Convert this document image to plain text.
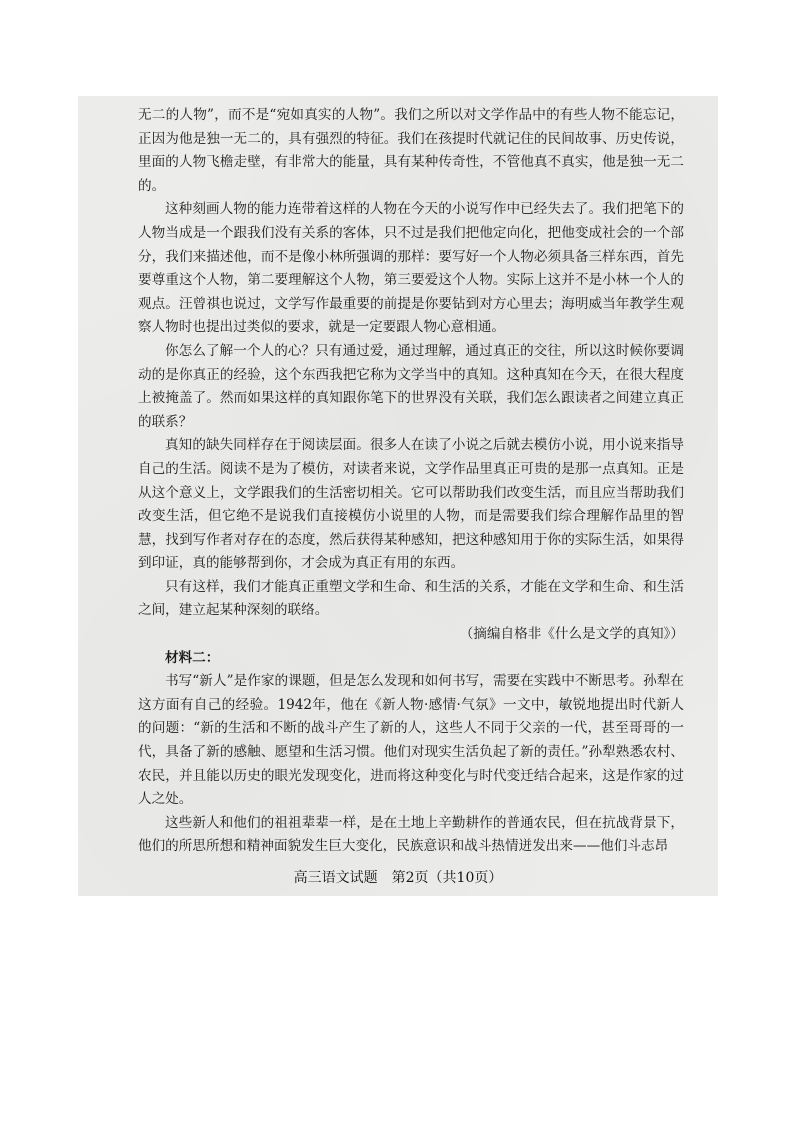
无二的人物”，而不是“宛如真实的人物”。我们之所以对文学作品中的有些人物不能忘记，正因为他是独一无二的，具有强烈的特征。我们在孩提时代就记住的民间故事、历史传说，里面的人物飞檐走壁，有非常大的能量，具有某种传奇性，不管他真不真实，他是独一无二的。

这种刻画人物的能力连带着这样的人物在今天的小说写作中已经失去了。我们把笔下的人物当成是一个跟我们没有关系的客体，只不过是我们把他定向化，把他变成社会的一个部分，我们来描述他，而不是像小林所强调的那样：要写好一个人物必须具备三样东西，首先要尊重这个人物，第二要理解这个人物，第三要爱这个人物。实际上这并不是小林一个人的观点。汪曾祺也说过，文学写作最重要的前提是你要钻到对方心里去；海明威当年教学生观察人物时也提出过类似的要求，就是一定要跟人物心意相通。

你怎么了解一个人的心？只有通过爱，通过理解，通过真正的交往，所以这时候你要调动的是你真正的经验，这个东西我把它称为文学当中的真知。这种真知在今天，在很大程度上被掩盖了。然而如果这样的真知跟你笔下的世界没有关联，我们怎么跟读者之间建立真正的联系？

真知的缺失同样存在于阅读层面。很多人在读了小说之后就去模仿小说，用小说来指导自己的生活。阅读不是为了模仿，对读者来说，文学作品里真正可贵的是那一点真知。正是从这个意义上，文学跟我们的生活密切相关。它可以帮助我们改变生活，而且应当帮助我们改变生活，但它绝不是说我们直接模仿小说里的人物，而是需要我们综合理解作品里的智慧，找到写作者对存在的态度，然后获得某种感知，把这种感知用于你的实际生活，如果得到印证，真的能够帮到你，才会成为真正有用的东西。

只有这样，我们才能真正重塑文学和生命、和生活的关系，才能在文学和生命、和生活之间，建立起某种深刻的联络。

（摘编自格非《什么是文学的真知》）

材料二：

书写“新人”是作家的课题，但是怎么发现和如何书写，需要在实践中不断思考。孙犁在这方面有自己的经验。1942年，他在《新人物·感情·气氛》一文中，敏锐地提出时代新人的问题：“新的生活和不断的战斗产生了新的人，这些人不同于父亲的一代，甚至哥哥的一代，具备了新的感触、愿望和生活习惯。他们对现实生活负起了新的责任。”孙犁熟悉农村、农民，并且能以历史的眼光发现变化，进而将这种变化与时代变迁结合起来，这是作家的过人之处。

这些新人和他们的祖祖辈辈一样，是在土地上辛勤耕作的普通农民，但在抗战背景下，他们的所思所想和精神面貌发生巨大变化，民族意识和战斗热情迸发出来——他们斗志昂

高三语文试题　第2页（共10页）
